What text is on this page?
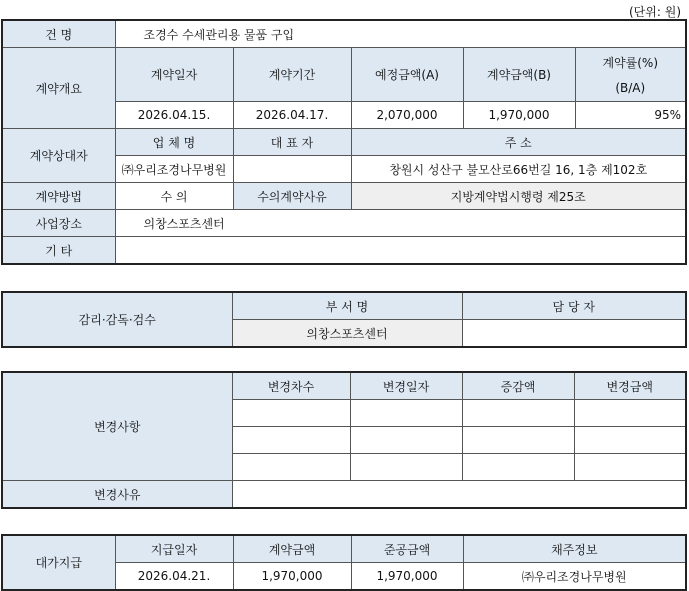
(단위: 원)
건 명	조경수 수세관리용 물품 구입				
계약개요	계약일자	계약기간	예정금액(A)	계약금액(B)	계약률(%)
(B/A)

	2026.04.15.	2026.04.17.	2,070,000	1,970,000	95%
계약상대자	업 체 명	대 표 자	주 소		
	㈜우리조경나무병원		창원시 성산구 불모산로66번길 16, 1층 제102호		
계약방법	수 의	수의계약사유	지방계약법시행령 제25조		
사업장소	의창스포츠센터				
기 타					
감리·감독·검수	부 서 명	담 당 자
	의창스포츠센터	
변경사항	변경차수	변경일자	증감액	변경금액

변경사유				
대가지급	지급일자	계약금액	준공금액	채주정보
	2026.04.21.	1,970,000	1,970,000	㈜우리조경나무병원
